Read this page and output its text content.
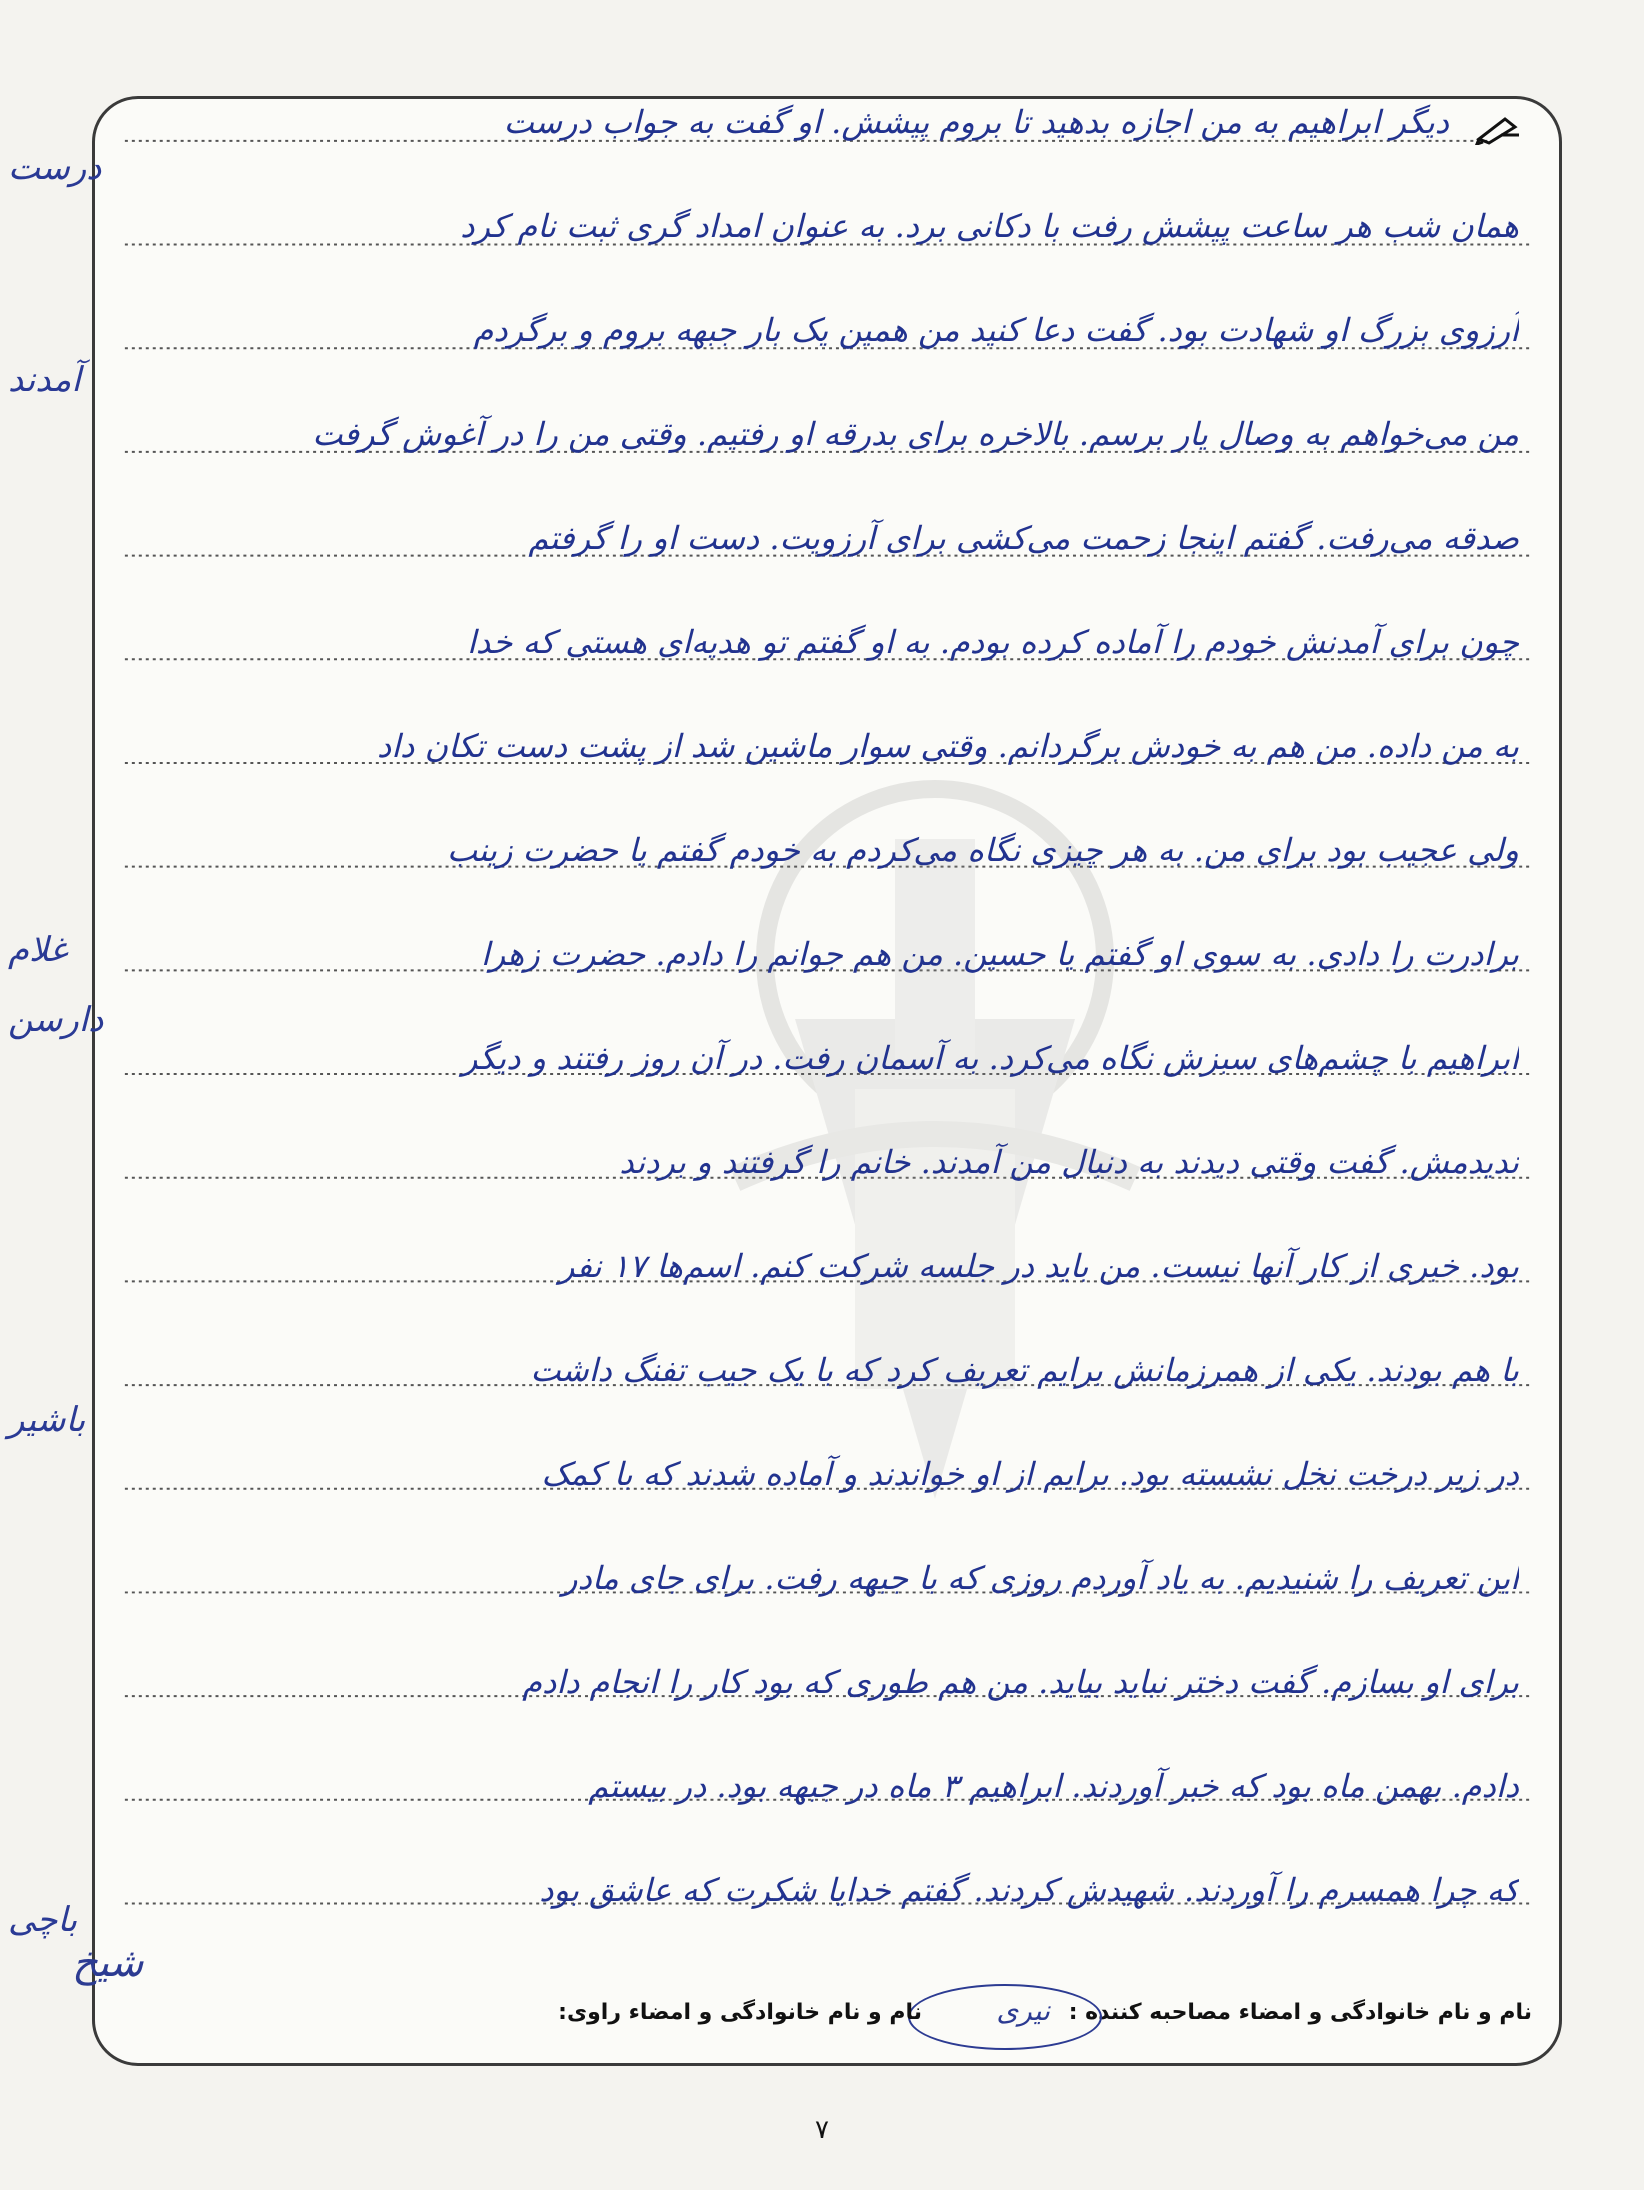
دیگر ابراهیم به من اجازه بدهید تا بروم پیشش. او گفت به جواب درست
همان شب هر ساعت پیشش رفت با دکانی برد. به عنوان امداد گری ثبت نام کرد
آرزوی بزرگ او شهادت بود. گفت دعا کنید من همین یک بار جبهه بروم و برگردم
من می‌خواهم به وصال یار برسم. بالاخره برای بدرقه او رفتیم. وقتی من را در آغوش گرفت
صدقه می‌رفت. گفتم اینجا زحمت می‌کشی برای آرزویت. دست او را گرفتم
چون برای آمدنش خودم را آماده کرده بودم. به او گفتم تو هدیه‌ای هستی که خدا
به من داده. من هم به خودش برگردانم. وقتی سوار ماشین شد از پشت دست تکان داد
ولی عجیب بود برای من. به هر چیزی نگاه می‌کردم به خودم گفتم یا حضرت زینب
برادرت را دادی. به سوی او گفتم یا حسین. من هم جوانم را دادم. حضرت زهرا
ابراهیم با چشم‌های سبزش نگاه می‌کرد. به آسمان رفت. در آن روز رفتند و دیگر
ندیدمش. گفت وقتی دیدند به دنبال من آمدند. خانم را گرفتند و بردند
بود. خبری از کار آنها نیست. من باید در جلسه شرکت کنم. اسم‌ها ۱۷ نفر
با هم بودند. یکی از همرزمانش برایم تعریف کرد که با یک جیب تفنگ داشت
در زیر درخت نخل نشسته بود. برایم از او خواندند و آماده شدند که با کمک
این تعریف را شنیدیم. به یاد آوردم روزی که با جبهه رفت. برای جای مادر
برای او بسازم. گفت دختر نباید بیاید. من هم طوری که بود کار را انجام دادم
دادم. بهمن ماه بود که خبر آوردند. ابراهیم ۳ ماه در جبهه بود. در بیستم
که چرا همسرم را آوردند. شهیدش کردند. گفتم خدایا شکرت که عاشق بود
درست
آمدند
غلام
دارسن
باشیر
باچی
نام و نام خانوادگی و امضاء مصاحبه کننده :
نیری
نام و نام خانوادگی و امضاء راوی:
شیخ
۷
